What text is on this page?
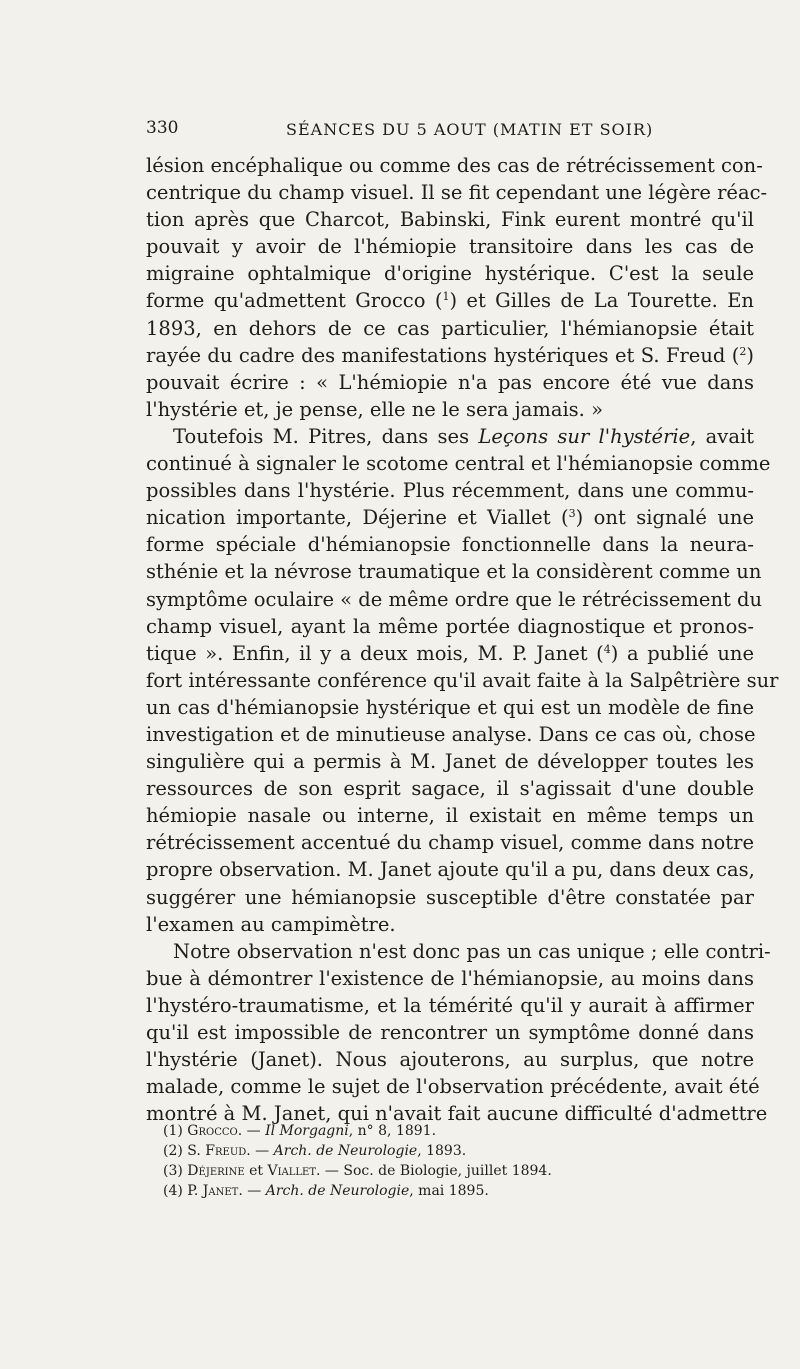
330	SÉANCES DU 5 AOUT (MATIN ET SOIR)
lésion encéphalique ou comme des cas de rétrécissement con-
centrique du champ visuel. Il se fit cependant une légère réac-
tion après que Charcot, Babinski, Fink eurent montré qu'il
pouvait y avoir de l'hémiopie transitoire dans les cas de
migraine ophtalmique d'origine hystérique. C'est la seule
forme qu'admettent Grocco ($^1$) et Gilles de La Tourette. En
1893, en dehors de ce cas particulier, l'hémianopsie était
rayée du cadre des manifestations hystériques et S. Freud ($^2$)
pouvait écrire : « L'hémiopie n'a pas encore été vue dans
l'hystérie et, je pense, elle ne le sera jamais. »
Toutefois M. Pitres, dans ses Leçons sur l'hystérie, avait
continué à signaler le scotome central et l'hémianopsie comme
possibles dans l'hystérie. Plus récemment, dans une commu-
nication importante, Déjerine et Viallet ($^3$) ont signalé une
forme spéciale d'hémianopsie fonctionnelle dans la neura-
sthénie et la névrose traumatique et la considèrent comme un
symptôme oculaire « de même ordre que le rétrécissement du
champ visuel, ayant la même portée diagnostique et pronos-
tique ». Enfin, il y a deux mois, M. P. Janet ($^4$) a publié une
fort intéressante conférence qu'il avait faite à la Salpêtrière sur
un cas d'hémianopsie hystérique et qui est un modèle de fine
investigation et de minutieuse analyse. Dans ce cas où, chose
singulière qui a permis à M. Janet de développer toutes les
ressources de son esprit sagace, il s'agissait d'une double
hémiopie nasale ou interne, il existait en même temps un
rétrécissement accentué du champ visuel, comme dans notre
propre observation. M. Janet ajoute qu'il a pu, dans deux cas,
suggérer une hémianopsie susceptible d'être constatée par
l'examen au campimètre.
Notre observation n'est donc pas un cas unique ; elle contri-
bue à démontrer l'existence de l'hémianopsie, au moins dans
l'hystéro-traumatisme, et la témérité qu'il y aurait à affirmer
qu'il est impossible de rencontrer un symptôme donné dans
l'hystérie (Janet). Nous ajouterons, au surplus, que notre
malade, comme le sujet de l'observation précédente, avait été
montré à M. Janet, qui n'avait fait aucune difficulté d'admettre
(1) Grocco. — Il Morgagni, n° 8, 1891.
(2) S. Freud. — Arch. de Neurologie, 1893.
(3) Déjerine et Viallet. — Soc. de Biologie, juillet 1894.
(4) P. Janet. — Arch. de Neurologie, mai 1895.
